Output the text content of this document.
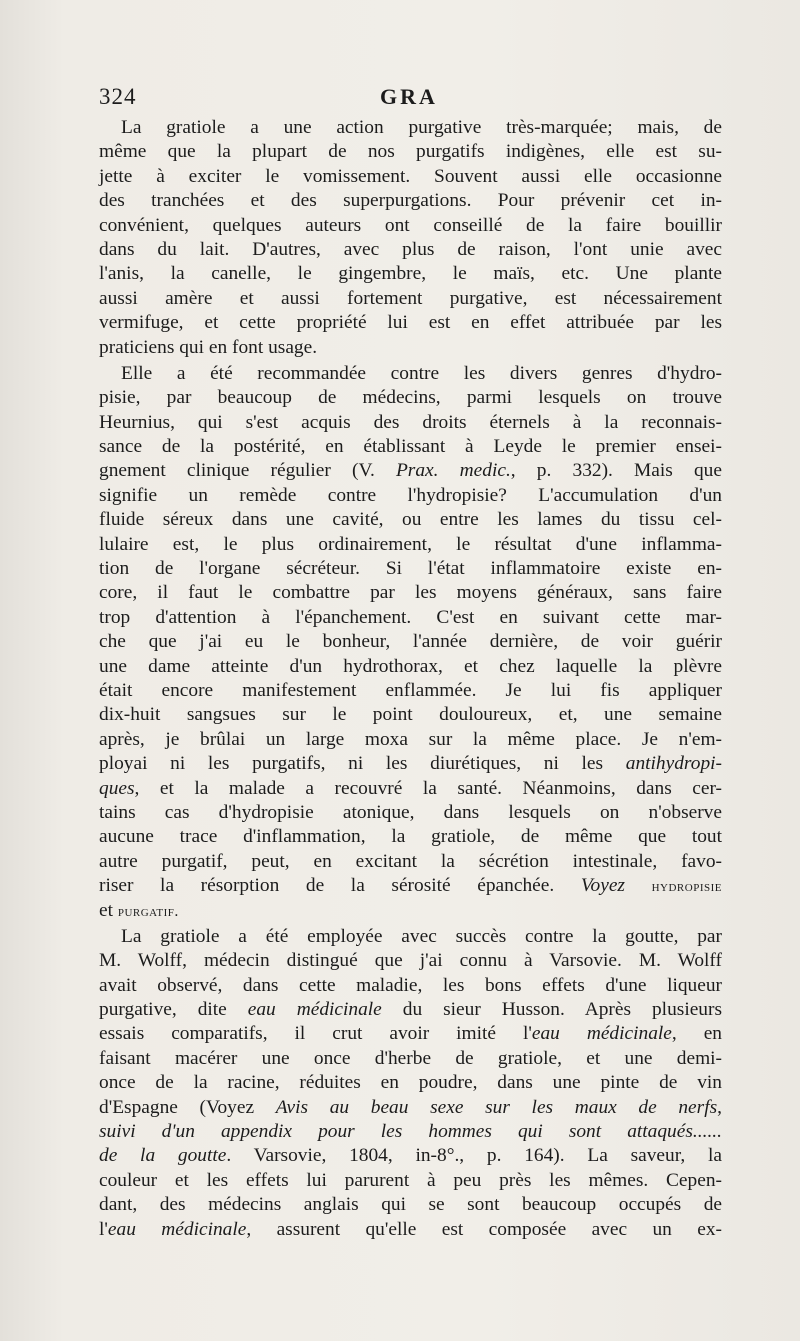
324	GRA

La gratiole a une action purgative très-marquée; mais, de

même que la plupart de nos purgatifs indigènes, elle est su-

jette à exciter le vomissement. Souvent aussi elle occasionne

des tranchées et des superpurgations. Pour prévenir cet in-

convénient, quelques auteurs ont conseillé de la faire bouillir

dans du lait. D'autres, avec plus de raison, l'ont unie avec

l'anis, la canelle, le gingembre, le maïs, etc. Une plante

aussi amère et aussi fortement purgative, est nécessairement

vermifuge, et cette propriété lui est en effet attribuée par les

praticiens qui en font usage.

Elle a été recommandée contre les divers genres d'hydro-

pisie, par beaucoup de médecins, parmi lesquels on trouve

Heurnius, qui s'est acquis des droits éternels à la reconnais-

sance de la postérité, en établissant à Leyde le premier ensei-

gnement clinique régulier (V. Prax. medic., p. 332). Mais que

signifie un remède contre l'hydropisie? L'accumulation d'un

fluide séreux dans une cavité, ou entre les lames du tissu cel-

lulaire est, le plus ordinairement, le résultat d'une inflamma-

tion de l'organe sécréteur. Si l'état inflammatoire existe en-

core, il faut le combattre par les moyens généraux, sans faire

trop d'attention à l'épanchement. C'est en suivant cette mar-

che que j'ai eu le bonheur, l'année dernière, de voir guérir

une dame atteinte d'un hydrothorax, et chez laquelle la plèvre

était encore manifestement enflammée. Je lui fis appliquer

dix-huit sangsues sur le point douloureux, et, une semaine

après, je brûlai un large moxa sur la même place. Je n'em-

ployai ni les purgatifs, ni les diurétiques, ni les antihydropi-

ques, et la malade a recouvré la santé. Néanmoins, dans cer-

tains cas d'hydropisie atonique, dans lesquels on n'observe

aucune trace d'inflammation, la gratiole, de même que tout

autre purgatif, peut, en excitant la sécrétion intestinale, favo-

riser la résorption de la sérosité épanchée. Voyez hydropisie

et purgatif.

La gratiole a été employée avec succès contre la goutte, par

M. Wolff, médecin distingué que j'ai connu à Varsovie. M. Wolff

avait observé, dans cette maladie, les bons effets d'une liqueur

purgative, dite eau médicinale du sieur Husson. Après plusieurs

essais comparatifs, il crut avoir imité l'eau médicinale, en

faisant macérer une once d'herbe de gratiole, et une demi-

once de la racine, réduites en poudre, dans une pinte de vin

d'Espagne (Voyez Avis au beau sexe sur les maux de nerfs,

suivi d'un appendix pour les hommes qui sont attaqués......

de la goutte. Varsovie, 1804, in-8°., p. 164). La saveur, la

couleur et les effets lui parurent à peu près les mêmes. Cepen-

dant, des médecins anglais qui se sont beaucoup occupés de

l'eau médicinale, assurent qu'elle est composée avec un ex-
